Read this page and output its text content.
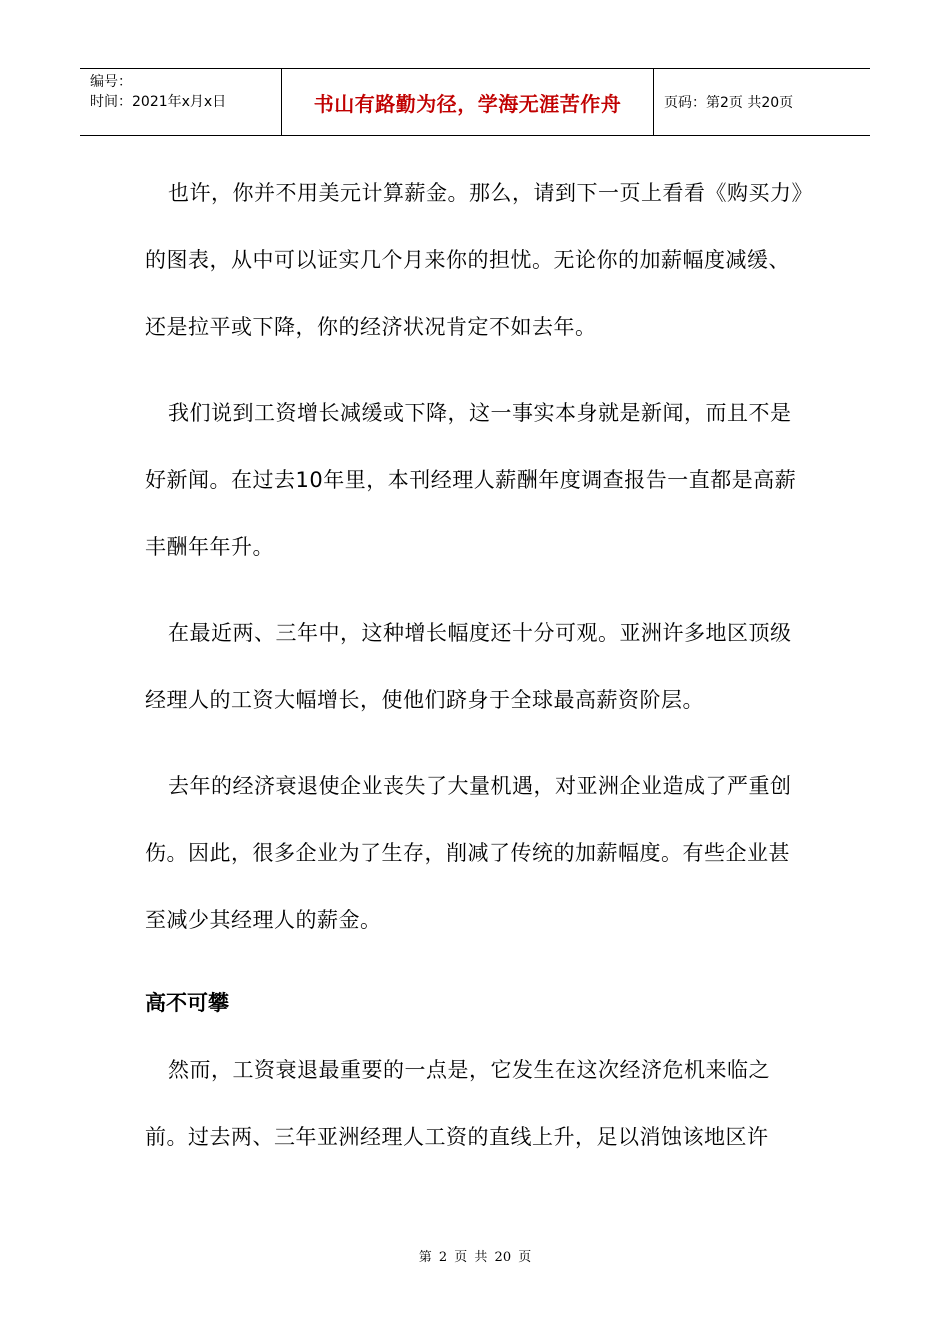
编号：
时间：2021年x月x日	书山有路勤为径，学海无涯苦作舟	页码：第2页 共20页

也许，你并不用美元计算薪金。那么，请到下一页上看看《购买力》的图表，从中可以证实几个月来你的担忧。无论你的加薪幅度减缓、还是拉平或下降，你的经济状况肯定不如去年。

我们说到工资增长减缓或下降，这一事实本身就是新闻，而且不是好新闻。在过去10年里，本刊经理人薪酬年度调查报告一直都是高薪丰酬年年升。

在最近两、三年中，这种增长幅度还十分可观。亚洲许多地区顶级经理人的工资大幅增长，使他们跻身于全球最高薪资阶层。

去年的经济衰退使企业丧失了大量机遇，对亚洲企业造成了严重创伤。因此，很多企业为了生存，削减了传统的加薪幅度。有些企业甚至减少其经理人的薪金。

高不可攀

然而，工资衰退最重要的一点是，它发生在这次经济危机来临之前。过去两、三年亚洲经理人工资的直线上升，足以消蚀该地区许

第 2 页 共 20 页
